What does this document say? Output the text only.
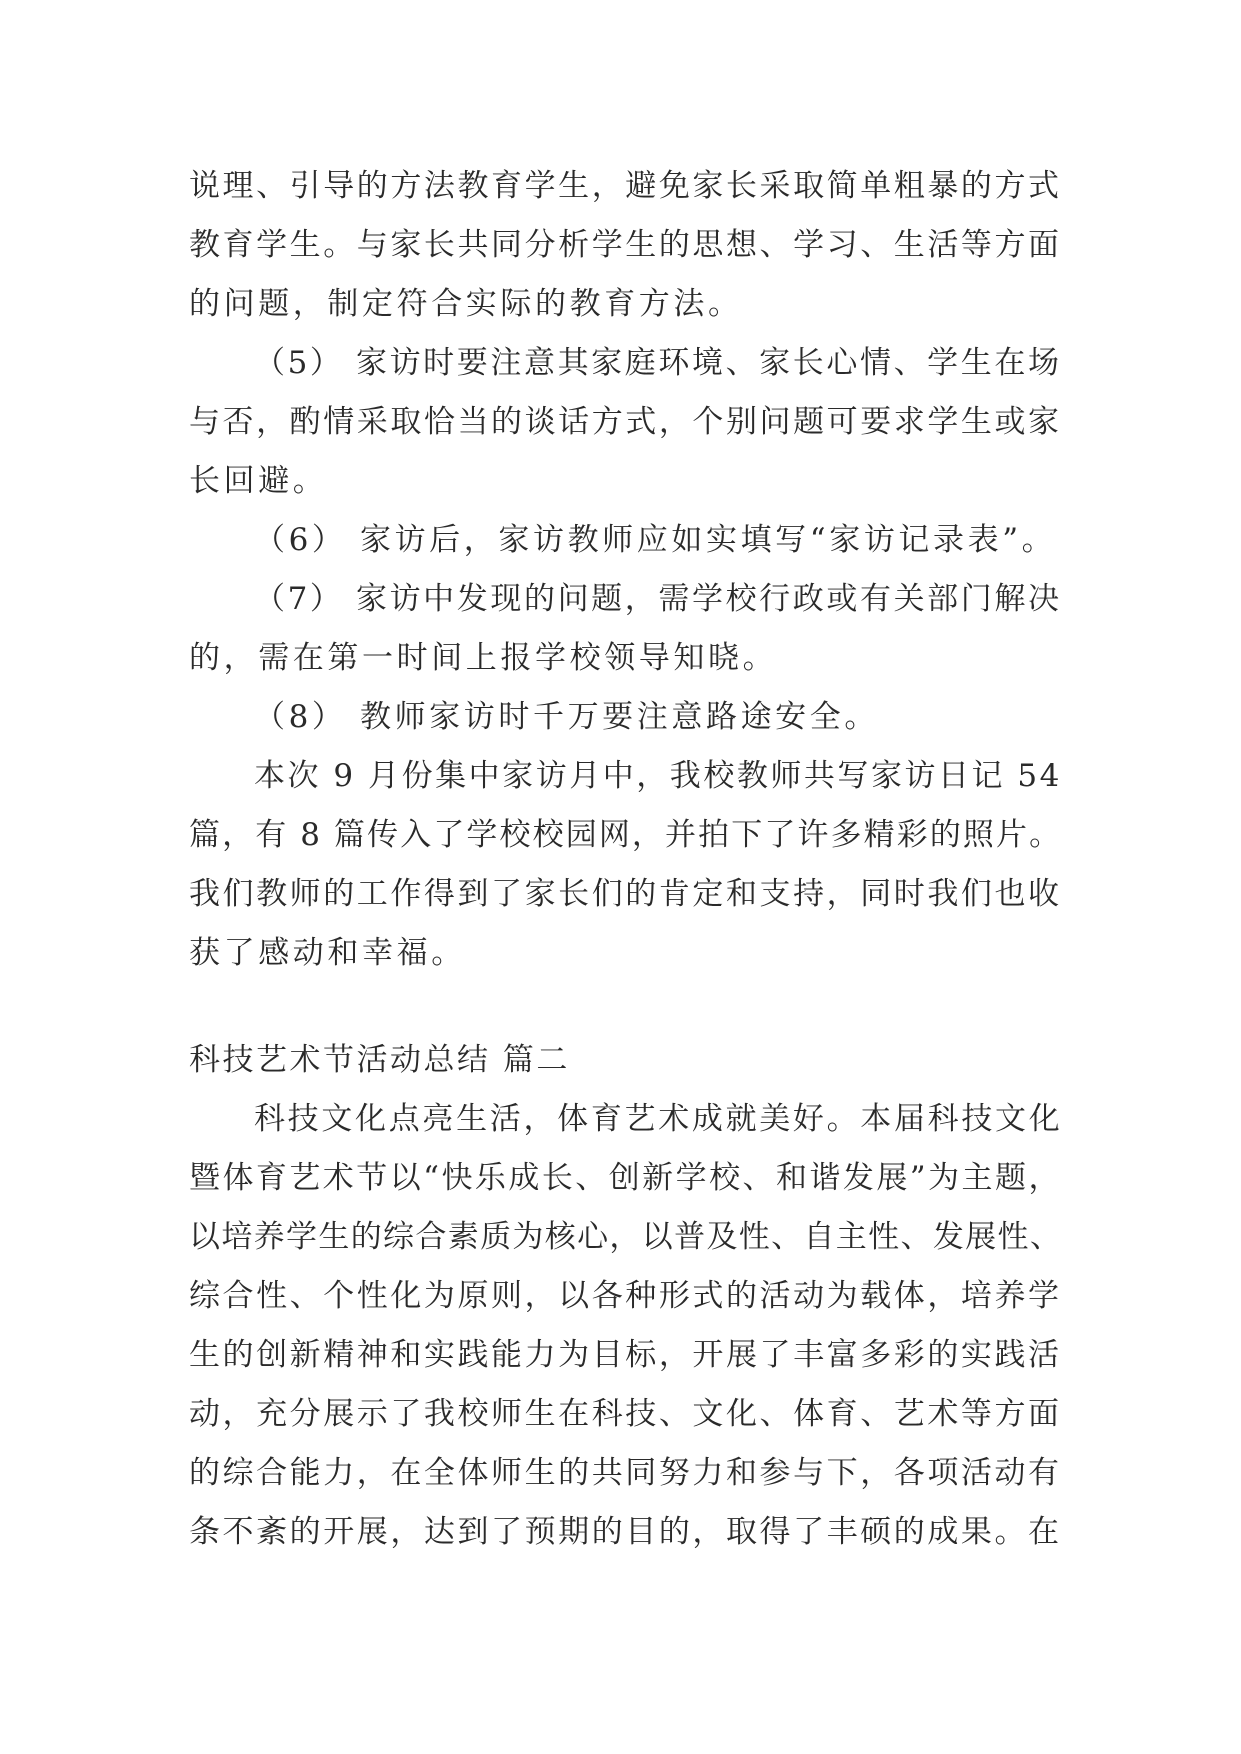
说理、引导的方法教育学生，避免家长采取简单粗暴的方式
教育学生。与家长共同分析学生的思想、学习、生活等方面
的问题，制定符合实际的教育方法。
（5） 家访时要注意其家庭环境、家长心情、学生在场
与否，酌情采取恰当的谈话方式，个别问题可要求学生或家
长回避。
（6） 家访后，家访教师应如实填写“家访记录表”。
（7） 家访中发现的问题，需学校行政或有关部门解决
的，需在第一时间上报学校领导知晓。
（8） 教师家访时千万要注意路途安全。
本次 9 月份集中家访月中，我校教师共写家访日记 54
篇，有 8 篇传入了学校校园网，并拍下了许多精彩的照片。
我们教师的工作得到了家长们的肯定和支持，同时我们也收
获了感动和幸福。
科技艺术节活动总结 篇二
科技文化点亮生活，体育艺术成就美好。本届科技文化
暨体育艺术节以“快乐成长、创新学校、和谐发展”为主题，
以培养学生的综合素质为核心，以普及性、自主性、发展性、
综合性、个性化为原则，以各种形式的活动为载体，培养学
生的创新精神和实践能力为目标，开展了丰富多彩的实践活
动，充分展示了我校师生在科技、文化、体育、艺术等方面
的综合能力，在全体师生的共同努力和参与下，各项活动有
条不紊的开展，达到了预期的目的，取得了丰硕的成果。在
